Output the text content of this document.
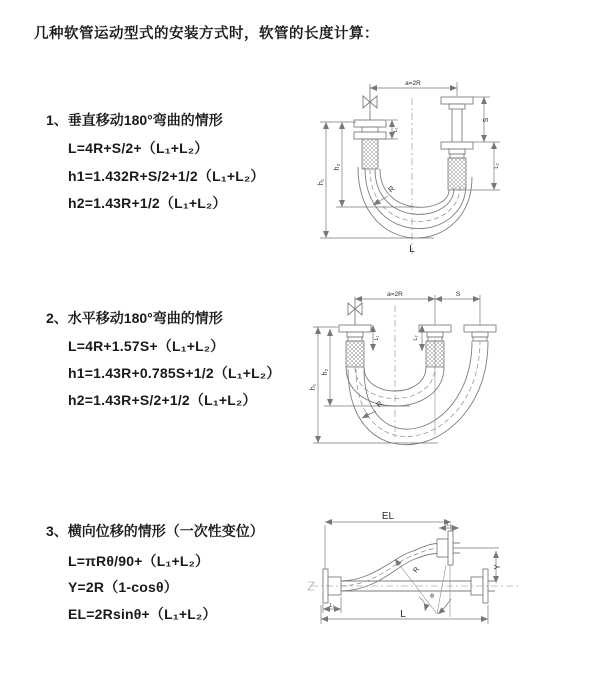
几种软管运动型式的安装方式时，软管的长度计算：
1、垂直移动180°弯曲的情形
L=4R+S/2+（L₁+L₂）
h1=1.432R+S/2+1/2（L₁+L₂）
h2=1.43R+1/2（L₁+L₂）
a=2R
h₁
h₂
L₁
S
L₂
R
L
2、水平移动180°弯曲的情形
L=4R+1.57S+（L₁+L₂）
h1=1.43R+0.785S+1/2（L₁+L₂）
h2=1.43R+S/2+1/2（L₁+L₂）
a=2R	S
h₁
h₂
L₁	L₂
R
3、横向位移的情形（一次性变位）
L=πRθ/90+（L₁+L₂）
Y=2R（1-cosθ）
EL=2Rsinθ+（L₁+L₂）
EL
L₂
Y
θ
R
L
L₁
